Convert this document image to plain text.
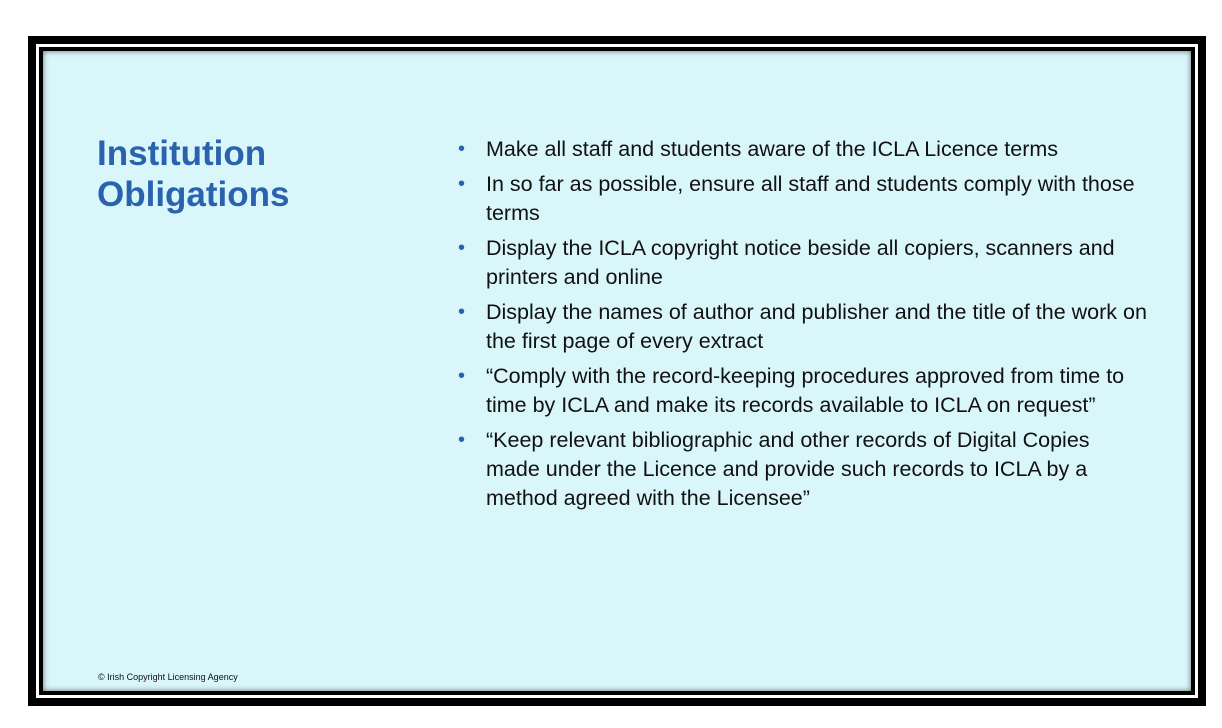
Institution Obligations
• Make all staff and students aware of the ICLA Licence terms
• In so far as possible, ensure all staff and students comply with those terms
• Display the ICLA copyright notice beside all copiers, scanners and printers and online
• Display the names of author and publisher and the title of the work on the first page of every extract
• “Comply with the record-keeping procedures approved from time to time by ICLA and make its records available to ICLA on request”
• “Keep relevant bibliographic and other records of Digital Copies made under the Licence and provide such records to ICLA by a method agreed with the Licensee”
© Irish Copyright Licensing Agency
